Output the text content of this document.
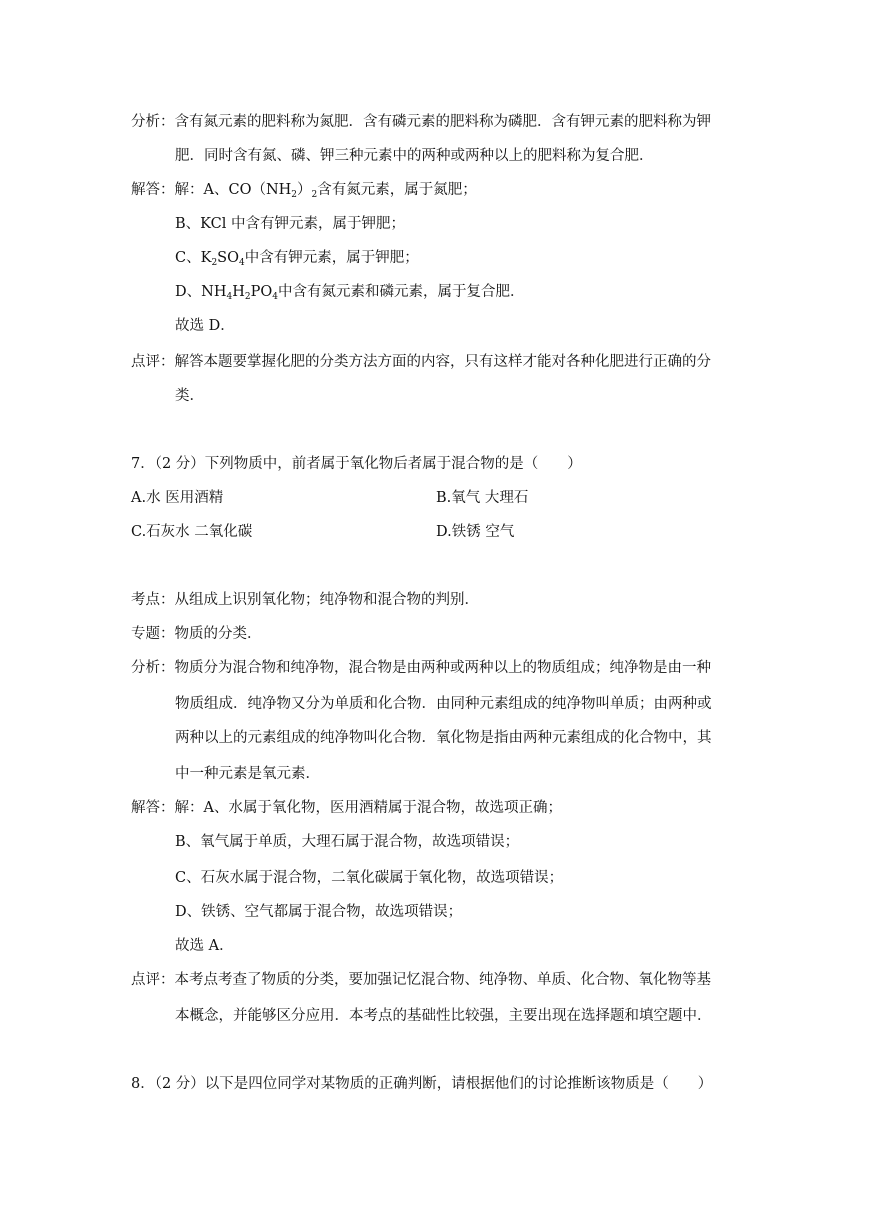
分析：含有氮元素的肥料称为氮肥．含有磷元素的肥料称为磷肥．含有钾元素的肥料称为钾
肥．同时含有氮、磷、钾三种元素中的两种或两种以上的肥料称为复合肥．
解答：解：A、$CO(NH_2)_2$含有氮元素，属于氮肥；
B、KCl 中含有钾元素，属于钾肥；
C、$K_2SO_4$中含有钾元素，属于钾肥；
D、$NH_4H_2PO_4$中含有氮元素和磷元素，属于复合肥．
故选 D．
点评：解答本题要掌握化肥的分类方法方面的内容，只有这样才能对各种化肥进行正确的分
类．
7．（2 分）下列物质中，前者属于氧化物后者属于混合物的是（　　）
A.水 医用酒精	B.氧气 大理石
C.石灰水 二氧化碳	D.铁锈 空气
考点：从组成上识别氧化物；纯净物和混合物的判别．
专题：物质的分类．
分析：物质分为混合物和纯净物，混合物是由两种或两种以上的物质组成；纯净物是由一种
物质组成．纯净物又分为单质和化合物．由同种元素组成的纯净物叫单质；由两种或
两种以上的元素组成的纯净物叫化合物．氧化物是指由两种元素组成的化合物中，其
中一种元素是氧元素．
解答：解：A、水属于氧化物，医用酒精属于混合物，故选项正确；
B、氧气属于单质，大理石属于混合物，故选项错误；
C、石灰水属于混合物，二氧化碳属于氧化物，故选项错误；
D、铁锈、空气都属于混合物，故选项错误；
故选 A．
点评：本考点考查了物质的分类，要加强记忆混合物、纯净物、单质、化合物、氧化物等基
本概念，并能够区分应用．本考点的基础性比较强，主要出现在选择题和填空题中．
8．（2 分）以下是四位同学对某物质的正确判断，请根据他们的讨论推断该物质是（　　）
